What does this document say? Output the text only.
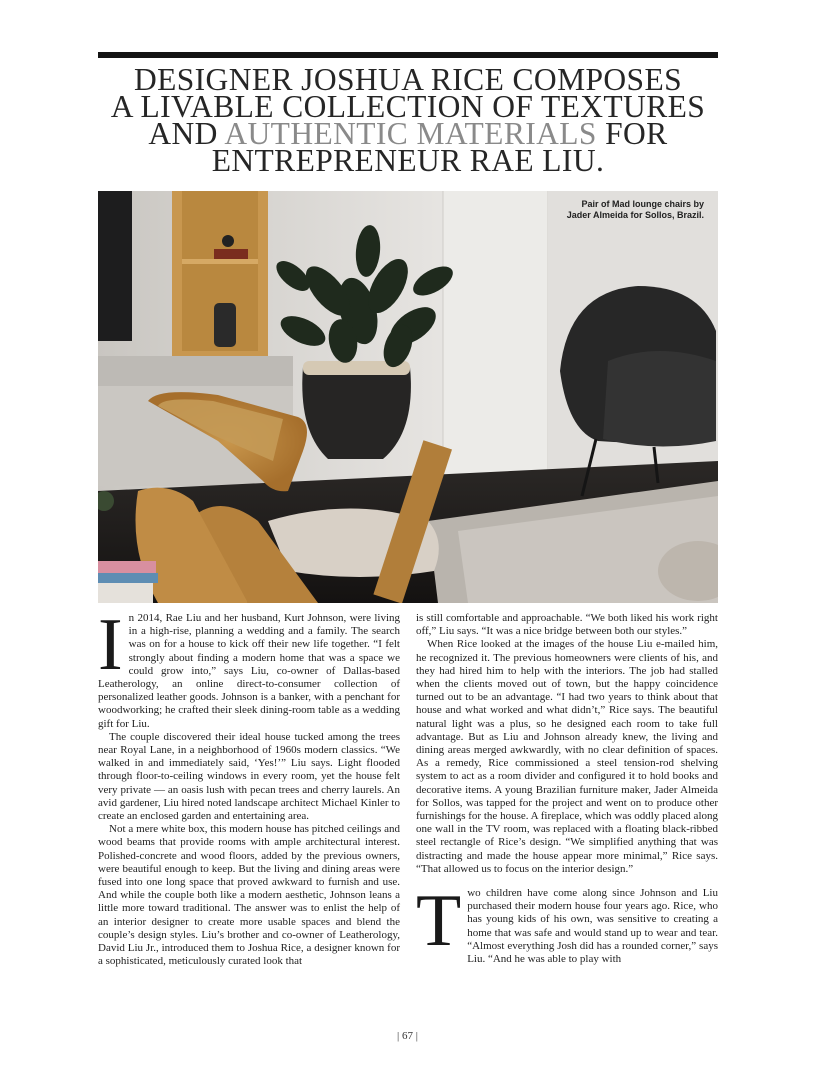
DESIGNER JOSHUA RICE COMPOSES
A LIVABLE COLLECTION OF TEXTURES
AND AUTHENTIC MATERIALS FOR
ENTREPRENEUR RAE LIU.
Pair of Mad lounge chairs by
Jader Almeida for Sollos, Brazil.

In 2014, Rae Liu and her husband, Kurt Johnson, were living in a high-rise, planning a wedding and a family. The search was on for a house to kick off their new life together. “I felt strongly about finding a modern home that was a space we could grow into,” says Liu, co-owner of Dallas-based Leatherology, an online direct-to-consumer collection of personalized leather goods. Johnson is a banker, with a penchant for woodworking; he crafted their sleek dining-room table as a wedding gift for Liu.

The couple discovered their ideal house tucked among the trees near Royal Lane, in a neighborhood of 1960s modern classics. “We walked in and immediately said, ‘Yes!’” Liu says. Light flooded through floor-to-ceiling windows in every room, yet the house felt very private — an oasis lush with pecan trees and cherry laurels. An avid gardener, Liu hired noted landscape architect Michael Kinler to create an enclosed garden and entertaining area.

Not a mere white box, this modern house has pitched ceilings and wood beams that provide rooms with ample architectural interest. Polished-concrete and wood floors, added by the previous owners, were beautiful enough to keep. But the living and dining areas were fused into one long space that proved awkward to furnish and use. And while the couple both like a modern aesthetic, Johnson leans a little more toward traditional. The answer was to enlist the help of an interior designer to create more usable spaces and blend the couple’s design styles. Liu’s brother and co-owner of Leatherology, David Liu Jr., introduced them to Joshua Rice, a designer known for a sophisticated, meticulously curated look that

is still comfortable and approachable. “We both liked his work right off,” Liu says. “It was a nice bridge between both our styles.”

When Rice looked at the images of the house Liu e-mailed him, he recognized it. The previous homeowners were clients of his, and they had hired him to help with the interiors. The job had stalled when the clients moved out of town, but the happy coincidence turned out to be an advantage. “I had two years to think about that house and what worked and what didn’t,” Rice says. The beautiful natural light was a plus, so he designed each room to take full advantage. But as Liu and Johnson already knew, the living and dining areas merged awkwardly, with no clear definition of spaces. As a remedy, Rice commissioned a steel tension-rod shelving system to act as a room divider and configured it to hold books and decorative items. A young Brazilian furniture maker, Jader Almeida for Sollos, was tapped for the project and went on to produce other furnishings for the house. A fireplace, which was oddly placed along one wall in the TV room, was replaced with a floating black-ribbed steel rectangle of Rice’s design. “We simplified anything that was distracting and made the house appear more minimal,” Rice says. “That allowed us to focus on the interior design.”

Two children have come along since Johnson and Liu purchased their modern house four years ago. Rice, who has young kids of his own, was sensitive to creating a home that was safe and would stand up to wear and tear. “Almost everything Josh did has a rounded corner,” says Liu. “And he was able to play with

| 67 |
